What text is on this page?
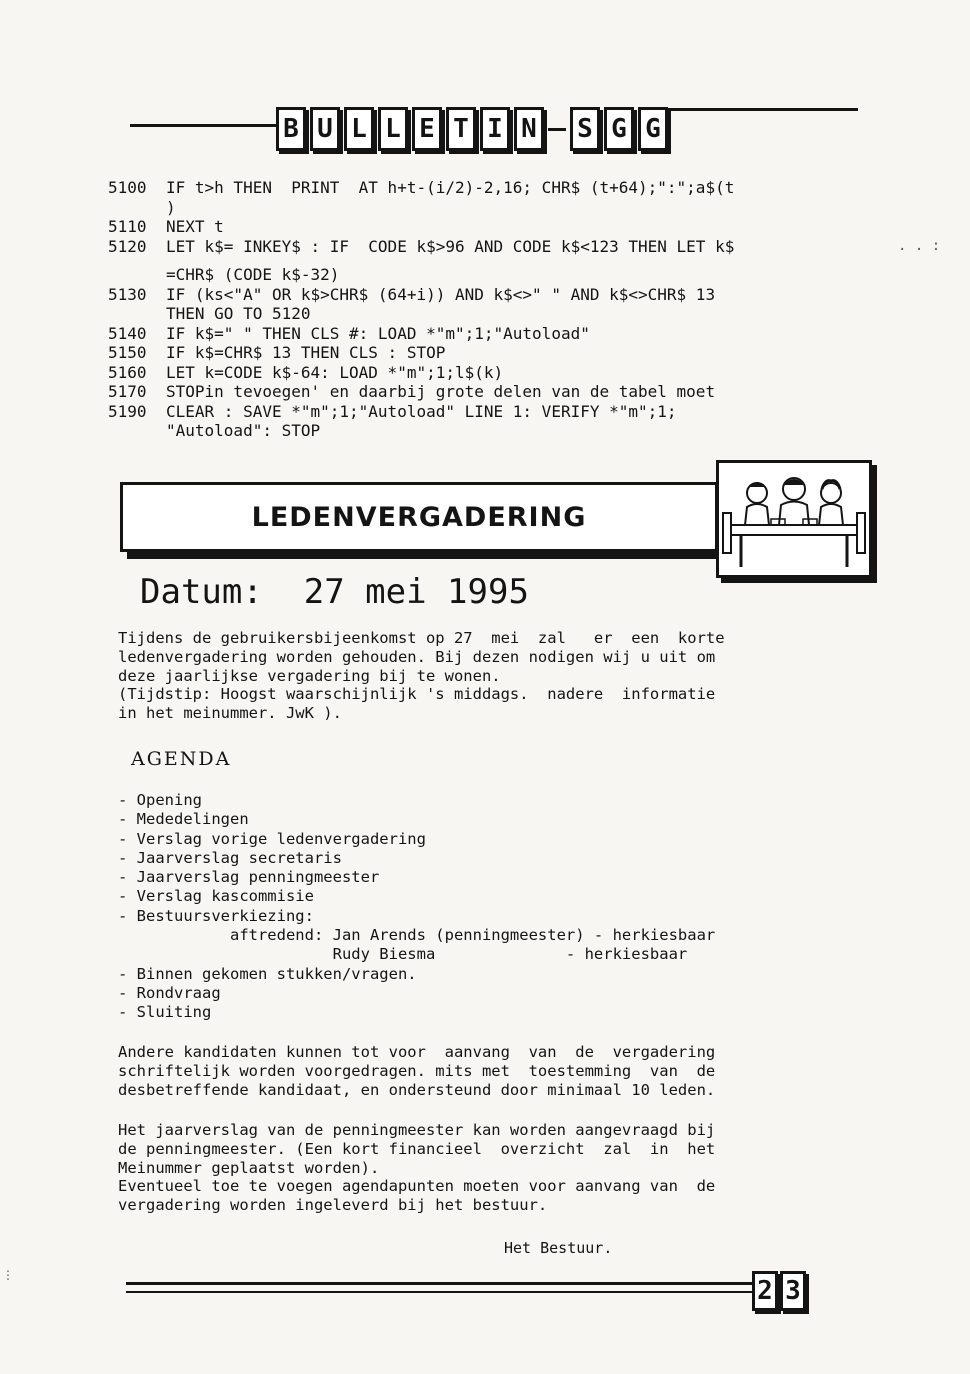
B U L L E T I N S G G
5100	IF t>h THEN  PRINT  AT h+t-(i/2)-2,16; CHR$ (t+64);":";a$(t
)
5110	NEXT t
5120	LET k$= INKEY$ : IF  CODE k$>96 AND CODE k$<123 THEN LET k$
=CHR$ (CODE k$-32)
5130	IF (ks<"A" OR k$>CHR$ (64+i)) AND k$<>" " AND k$<>CHR$ 13
THEN GO TO 5120
5140	IF k$=" " THEN CLS #: LOAD *"m";1;"Autoload"
5150	IF k$=CHR$ 13 THEN CLS : STOP
5160	LET k=CODE k$-64: LOAD *"m";1;l$(k)
5170	STOPin tevoegen' en daarbij grote delen van de tabel moet
5190	CLEAR : SAVE *"m";1;"Autoload" LINE 1: VERIFY *"m";1;
"Autoload": STOP
. . :
LEDENVERGADERING
Datum:  27 mei 1995

Tijdens de gebruikersbijeenkomst op 27  mei  zal   er  een  korte

ledenvergadering worden gehouden. Bij dezen nodigen wij u uit om

deze jaarlijkse vergadering bij te wonen.

(Tijdstip: Hoogst waarschijnlijk 's middags.  nadere  informatie

in het meinummer. JwK ).

AGENDA
- Opening
- Mededelingen
- Verslag vorige ledenvergadering
- Jaarverslag secretaris
- Jaarverslag penningmeester
- Verslag kascommisie
- Bestuursverkiezing:
aftredend: Jan Arends (penningmeester) - herkiesbaar
Rudy Biesma              - herkiesbaar
- Binnen gekomen stukken/vragen.
- Rondvraag
- Sluiting

Andere kandidaten kunnen tot voor  aanvang  van  de  vergadering

schriftelijk worden voorgedragen. mits met  toestemming  van  de

desbetreffende kandidaat, en ondersteund door minimaal 10 leden.

Het jaarverslag van de penningmeester kan worden aangevraagd bij

de penningmeester. (Een kort financieel  overzicht  zal  in  het

Meinummer geplaatst worden).

Eventueel toe te voegen agendapunten moeten voor aanvang van  de

vergadering worden ingeleverd bij het bestuur.

Het Bestuur.
2 3
⋮
